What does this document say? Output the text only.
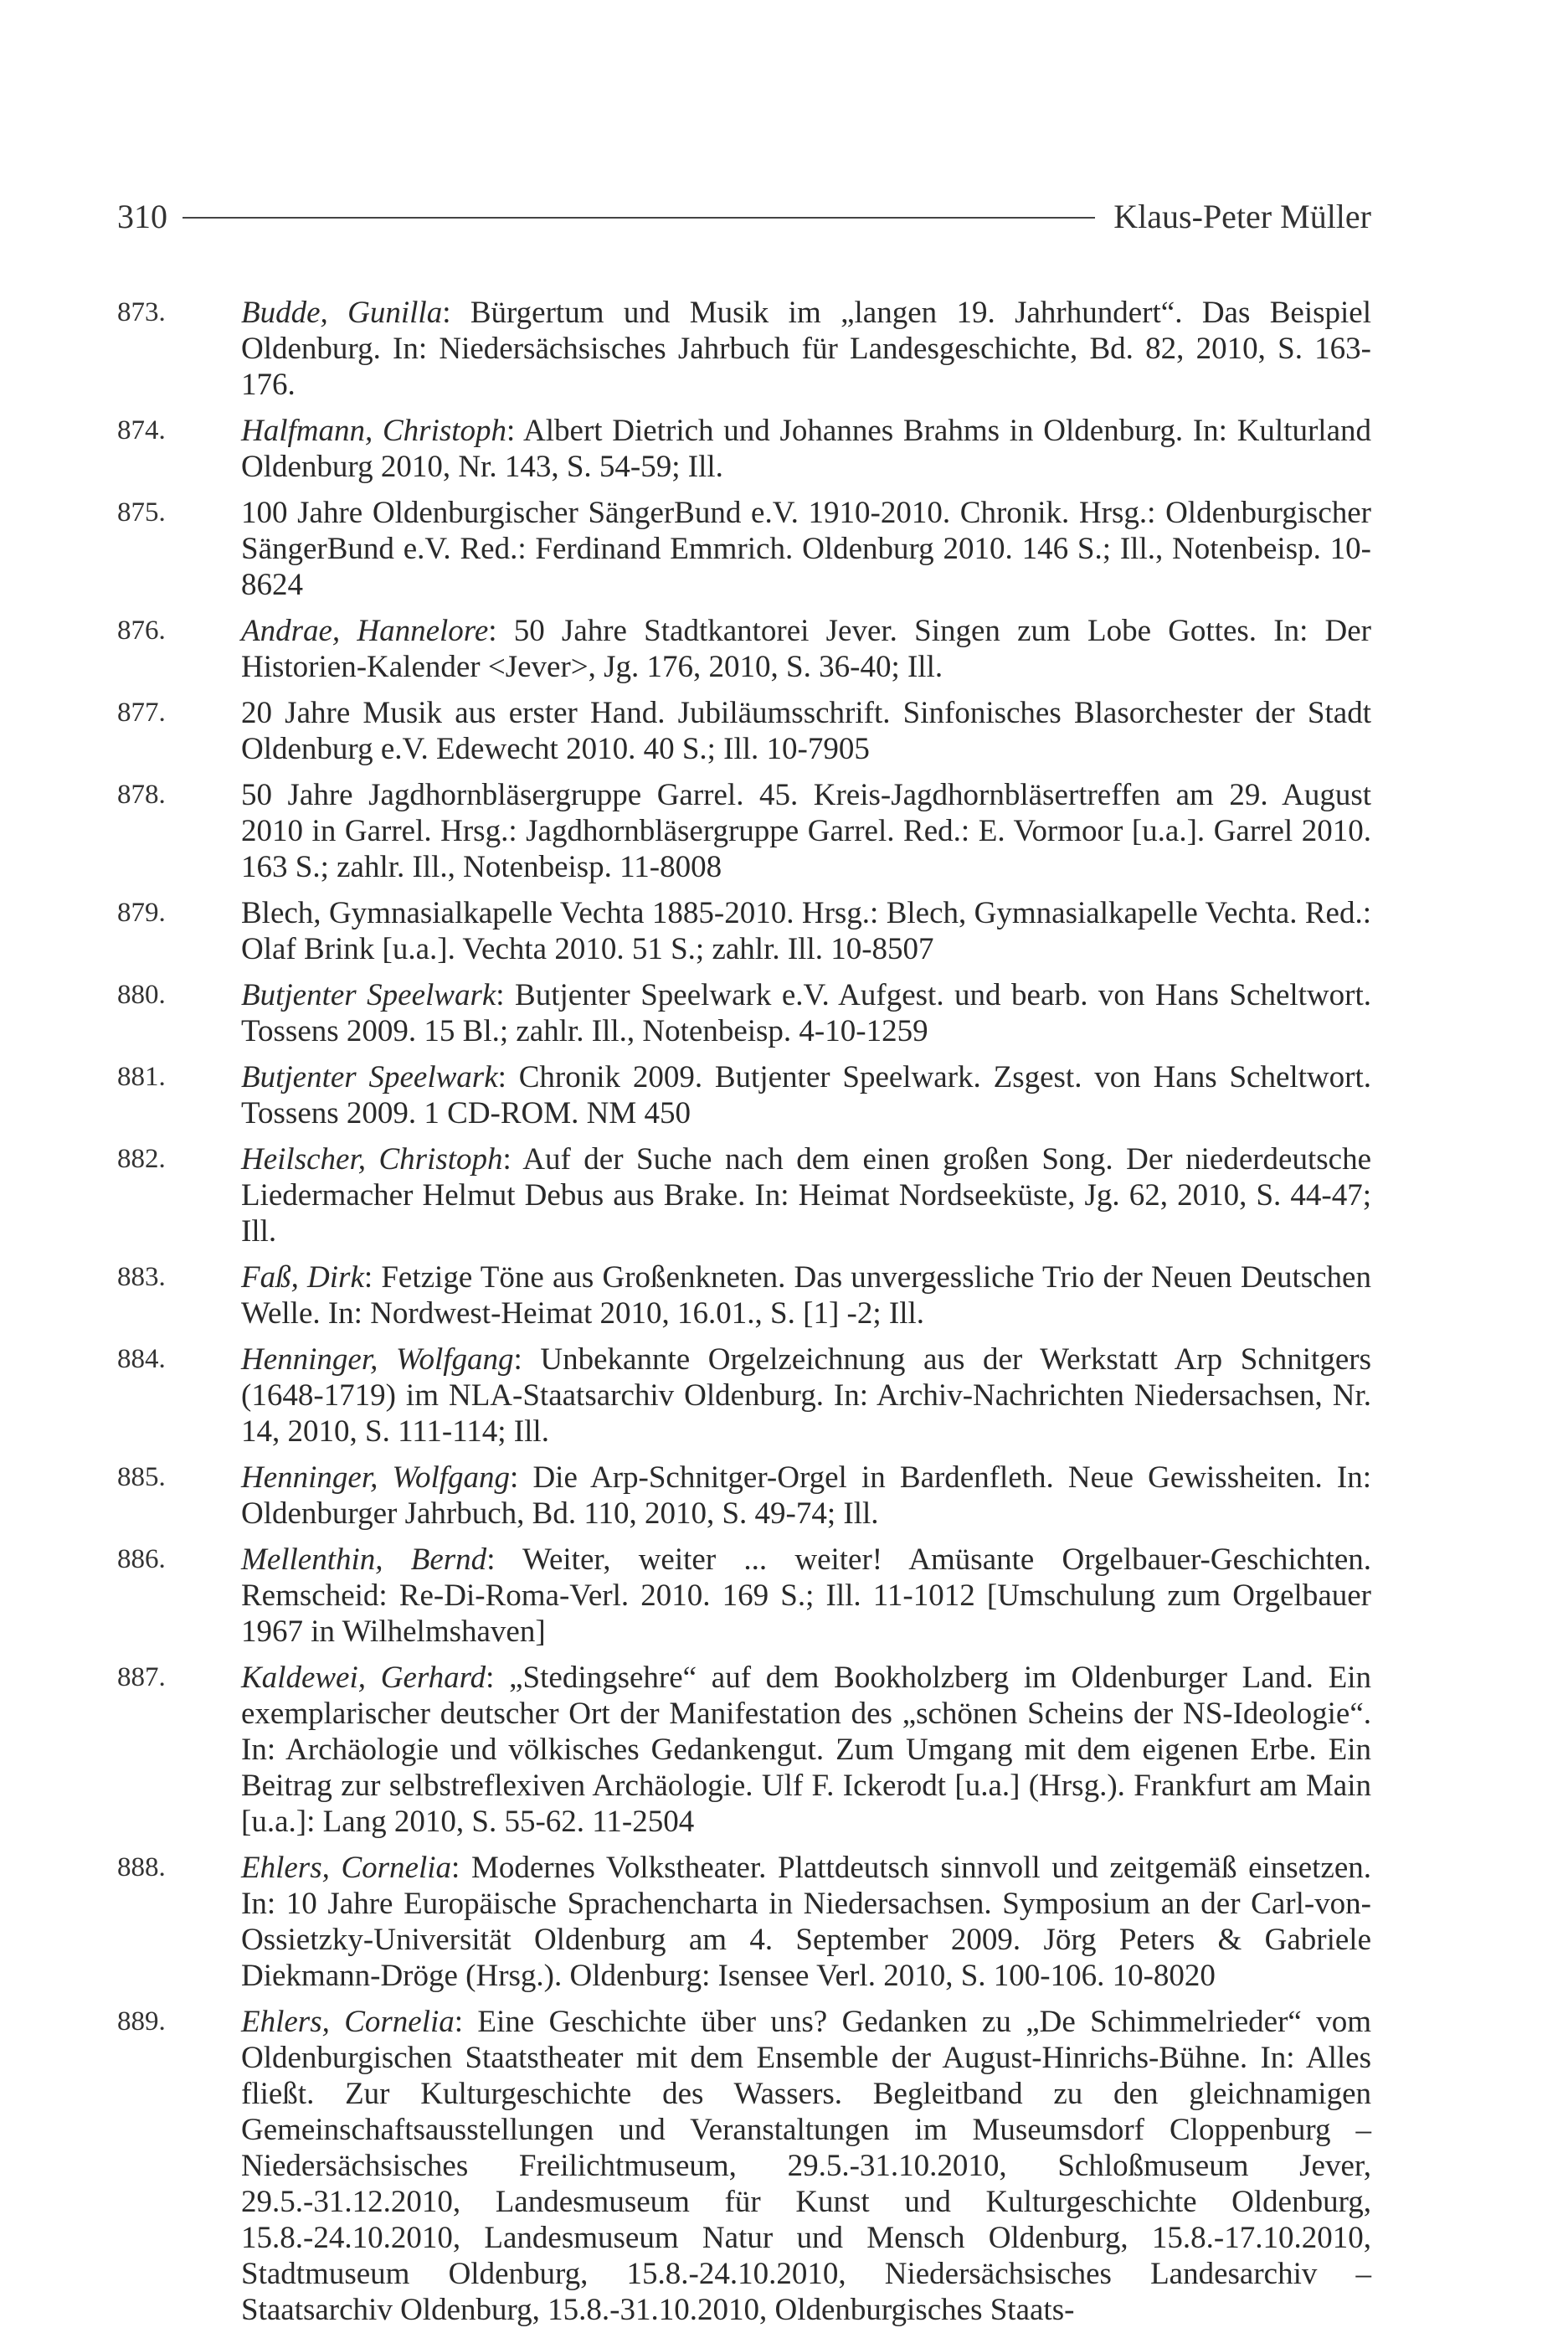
310	Klaus-Peter Müller
873.	Budde, Gunilla: Bürgertum und Musik im „langen 19. Jahrhundert“. Das Beispiel Oldenburg. In: Niedersächsisches Jahrbuch für Landesgeschichte, Bd. 82, 2010, S. 163-176.
874.	Halfmann, Christoph: Albert Dietrich und Johannes Brahms in Oldenburg. In: Kulturland Oldenburg 2010, Nr. 143, S. 54-59; Ill.
875.	100 Jahre Oldenburgischer SängerBund e.V. 1910-2010. Chronik. Hrsg.: Oldenburgischer SängerBund e.V. Red.: Ferdinand Emmrich. Oldenburg 2010. 146 S.; Ill., Notenbeisp. 10-8624
876.	Andrae, Hannelore: 50 Jahre Stadtkantorei Jever. Singen zum Lobe Gottes. In: Der Historien-Kalender <Jever>, Jg. 176, 2010, S. 36-40; Ill.
877.	20 Jahre Musik aus erster Hand. Jubiläumsschrift. Sinfonisches Blasorchester der Stadt Oldenburg e.V. Edewecht 2010. 40 S.; Ill. 10-7905
878.	50 Jahre Jagdhornbläsergruppe Garrel. 45. Kreis-Jagdhornbläsertreffen am 29. August 2010 in Garrel. Hrsg.: Jagdhornbläsergruppe Garrel. Red.: E. Vormoor [u.a.]. Garrel 2010. 163 S.; zahlr. Ill., Notenbeisp. 11-8008
879.	Blech, Gymnasialkapelle Vechta 1885-2010. Hrsg.: Blech, Gymnasialkapelle Vechta. Red.: Olaf Brink [u.a.]. Vechta 2010. 51 S.; zahlr. Ill. 10-8507
880.	Butjenter Speelwark: Butjenter Speelwark e.V. Aufgest. und bearb. von Hans Scheltwort. Tossens 2009. 15 Bl.; zahlr. Ill., Notenbeisp. 4-10-1259
881.	Butjenter Speelwark: Chronik 2009. Butjenter Speelwark. Zsgest. von Hans Scheltwort. Tossens 2009. 1 CD-ROM. NM 450
882.	Heilscher, Christoph: Auf der Suche nach dem einen großen Song. Der niederdeutsche Liedermacher Helmut Debus aus Brake. In: Heimat Nordseeküste, Jg. 62, 2010, S. 44-47; Ill.
883.	Faß, Dirk: Fetzige Töne aus Großenkneten. Das unvergessliche Trio der Neuen Deutschen Welle. In: Nordwest-Heimat 2010, 16.01., S. [1] -2; Ill.
884.	Henninger, Wolfgang: Unbekannte Orgelzeichnung aus der Werkstatt Arp Schnitgers (1648-1719) im NLA-Staatsarchiv Oldenburg. In: Archiv-Nachrichten Niedersachsen, Nr. 14, 2010, S. 111-114; Ill.
885.	Henninger, Wolfgang: Die Arp-Schnitger-Orgel in Bardenfleth. Neue Gewissheiten. In: Oldenburger Jahrbuch, Bd. 110, 2010, S. 49-74; Ill.
886.	Mellenthin, Bernd: Weiter, weiter ... weiter! Amüsante Orgelbauer-Geschichten. Remscheid: Re-Di-Roma-Verl. 2010. 169 S.; Ill. 11-1012 [Umschulung zum Orgelbauer 1967 in Wilhelmshaven]
887.	Kaldewei, Gerhard: „Stedingsehre“ auf dem Bookholzberg im Oldenburger Land. Ein exemplarischer deutscher Ort der Manifestation des „schönen Scheins der NS-Ideologie“. In: Archäologie und völkisches Gedankengut. Zum Umgang mit dem eigenen Erbe. Ein Beitrag zur selbstreflexiven Archäologie. Ulf F. Ickerodt [u.a.] (Hrsg.). Frankfurt am Main [u.a.]: Lang 2010, S. 55-62. 11-2504
888.	Ehlers, Cornelia: Modernes Volkstheater. Plattdeutsch sinnvoll und zeitgemäß einsetzen. In: 10 Jahre Europäische Sprachencharta in Niedersachsen. Symposium an der Carl-von-Ossietzky-Universität Oldenburg am 4. September 2009. Jörg Peters & Gabriele Diekmann-Dröge (Hrsg.). Oldenburg: Isensee Verl. 2010, S. 100-106. 10-8020
889.	Ehlers, Cornelia: Eine Geschichte über uns? Gedanken zu „De Schimmelrieder“ vom Oldenburgischen Staatstheater mit dem Ensemble der August-Hinrichs-Bühne. In: Alles fließt. Zur Kulturgeschichte des Wassers. Begleitband zu den gleichnamigen Gemeinschaftsausstellungen und Veranstaltungen im Museumsdorf Cloppenburg – Niedersächsisches Freilichtmuseum, 29.5.-31.10.2010, Schloßmuseum Jever, 29.5.-31.12.2010, Landesmuseum für Kunst und Kulturgeschichte Oldenburg, 15.8.-24.10.2010, Landesmuseum Natur und Mensch Oldenburg, 15.8.-17.10.2010, Stadtmuseum Oldenburg, 15.8.-24.10.2010, Niedersächsisches Landesarchiv – Staatsarchiv Oldenburg, 15.8.-31.10.2010, Oldenburgisches Staats-
